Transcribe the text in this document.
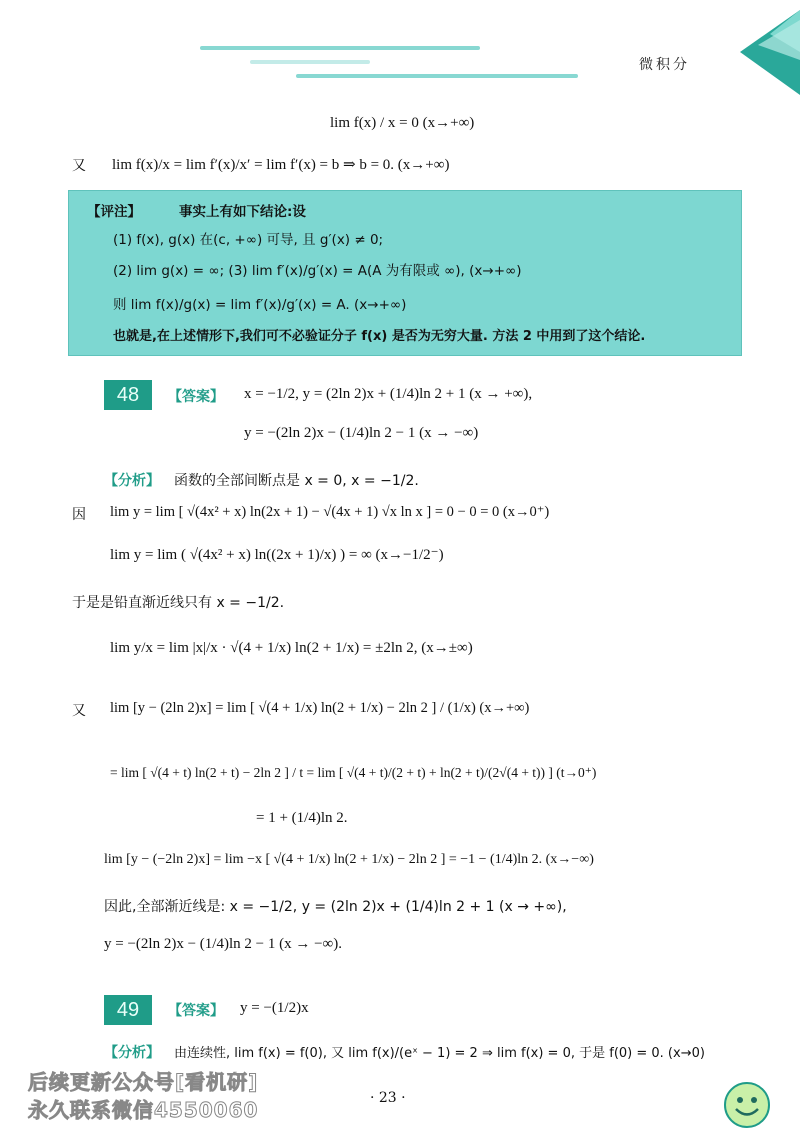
微积分
lim f(x) / x = 0 (x→+∞)
又 lim f(x)/x = lim f′(x)/x′ = lim f′(x) = b ⇒ b = 0. (x→+∞)
【评注】	事实上有如下结论:设
(1) f(x), g(x) 在(c, +∞) 可导, 且 g′(x) ≠ 0;
(2) lim g(x) = ∞; (3) lim f′(x)/g′(x) = A(A 为有限或 ∞), (x→+∞)
则 lim f(x)/g(x) = lim f′(x)/g′(x) = A. (x→+∞)
也就是,在上述情形下,我们可不必验证分子 f(x) 是否为无穷大量. 方法 2 中用到了这个结论.
48	【答案】 x = −1/2, y = (2ln 2)x + (1/4)ln 2 + 1 (x → +∞),
y = −(2ln 2)x − (1/4)ln 2 − 1 (x → −∞)
【分析】 函数的全部间断点是 x = 0, x = −1/2.
因 lim y = lim [ √(4x² + x) ln(2x + 1) − √(4x + 1) √x ln x ] = 0 − 0 = 0 (x→0⁺)
lim y = lim ( √(4x² + x) ln((2x + 1)/x) ) = ∞ (x→−1/2⁻)
于是是铅直渐近线只有 x = −1/2.
lim y/x = lim |x|/x · √(4 + 1/x) ln(2 + 1/x) = ±2ln 2, (x→±∞)
又 lim [y − (2ln 2)x] = lim [ √(4 + 1/x) ln(2 + 1/x) − 2ln 2 ] / (1/x) (x→+∞)
= lim [ √(4 + t) ln(2 + t) − 2ln 2 ] / t = lim [ √(4 + t)/(2 + t) + ln(2 + t)/(2√(4 + t)) ] (t→0⁺)
= 1 + (1/4)ln 2.
lim [y − (−2ln 2)x] = lim −x [ √(4 + 1/x) ln(2 + 1/x) − 2ln 2 ] = −1 − (1/4)ln 2. (x→−∞)
因此,全部渐近线是: x = −1/2, y = (2ln 2)x + (1/4)ln 2 + 1 (x → +∞),
y = −(2ln 2)x − (1/4)ln 2 − 1 (x → −∞).
49	【答案】 y = −(1/2)x
【分析】 由连续性, lim f(x) = f(0), 又 lim f(x)/(eˣ − 1) = 2 ⇒ lim f(x) = 0, 于是 f(0) = 0. (x→0)
· 23 ·
后续更新公众号[看机研]
永久联系微信4550060
